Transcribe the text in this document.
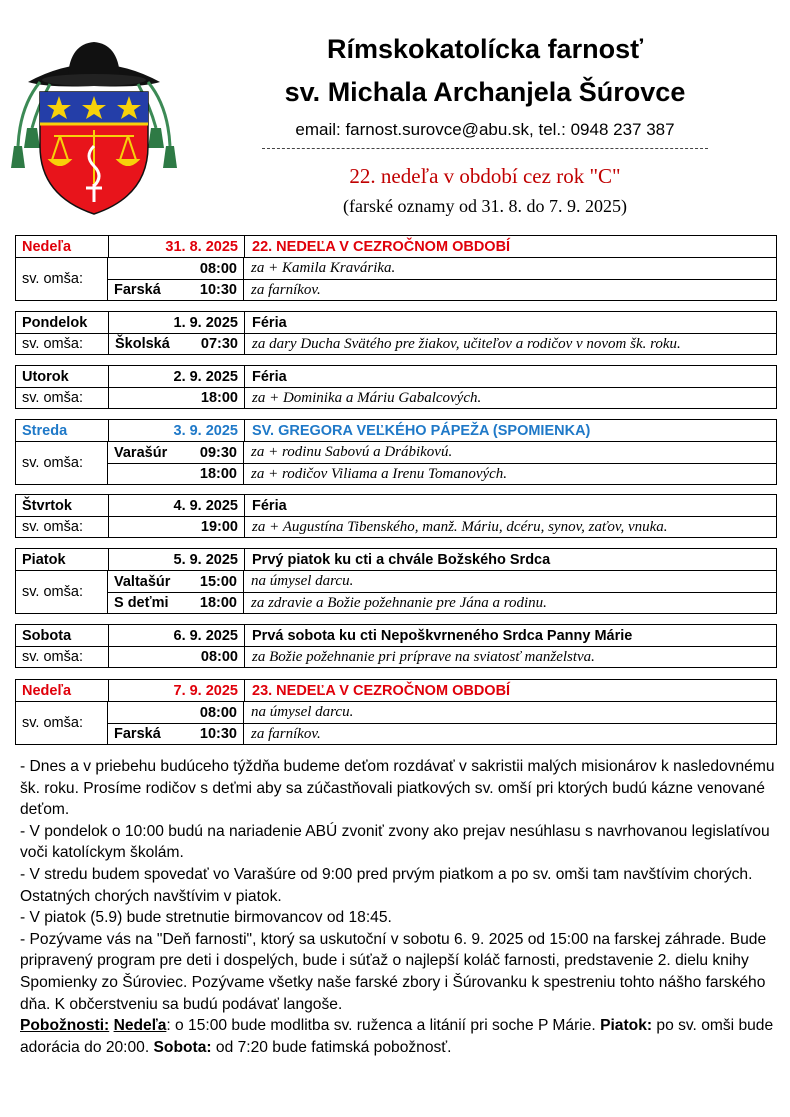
Rímskokatolícka farnosť
sv. Michala Archanjela Šúrovce
email: farnost.surovce@abu.sk, tel.: 0948 237 387
22. nedeľa v období cez rok "C"
(farské oznamy od 31. 8. do 7. 9. 2025)
Nedeľa	31. 8. 2025 22. NEDEĽA V CEZROČNOM OBDOBÍ
sv. omša:
08:00 za + Kamila Kravárika.
Farská	10:30 za farníkov.
Pondelok	1. 9. 2025 Féria
sv. omša:	Školská	07:30 za dary Ducha Svätého pre žiakov, učiteľov a rodičov v novom šk. roku.
Utorok	2. 9. 2025 Féria
sv. omša:	18:00 za + Dominika a Máriu Gabalcových.
Streda	3. 9. 2025 SV. GREGORA VEĽKÉHO PÁPEŽA (SPOMIENKA)
sv. omša:
Varašúr	09:30 za + rodinu Sabovú a Drábikovú.
18:00 za + rodičov Viliama a Irenu Tomanových.
Štvrtok	4. 9. 2025 Féria
sv. omša:	19:00 za + Augustína Tibenského, manž. Máriu, dcéru, synov, zaťov, vnuka.
Piatok	5. 9. 2025 Prvý piatok ku cti a chvále Božského Srdca
sv. omša:
Valtašúr	15:00 na úmysel darcu.
S deťmi	18:00 za zdravie a Božie požehnanie pre Jána a rodinu.
Sobota	6. 9. 2025 Prvá sobota ku cti Nepoškvrneného Srdca Panny Márie
sv. omša:	08:00 za Božie požehnanie pri príprave na sviatosť manželstva.
Nedeľa	7. 9. 2025 23. NEDEĽA V CEZROČNOM OBDOBÍ
sv. omša:
08:00 na úmysel darcu.
Farská	10:30 za farníkov.

- Dnes a v priebehu budúceho týždňa budeme deťom rozdávať v sakristii malých misionárov k nasledovnému šk. roku. Prosíme rodičov s deťmi aby sa zúčastňovali piatkových sv. omší pri ktorých budú kázne venované deťom.

- V pondelok o 10:00 budú na nariadenie ABÚ zvoniť zvony ako prejav nesúhlasu s navrhovanou legislatívou voči katolíckym školám.

- V stredu budem spovedať vo Varašúre od 9:00 pred prvým piatkom a po sv. omši tam navštívim chorých. Ostatných chorých navštívim v piatok.

- V piatok (5.9) bude stretnutie birmovancov od 18:45.

- Pozývame vás na "Deň farnosti", ktorý sa uskutoční v sobotu 6. 9. 2025 od 15:00 na farskej záhrade. Bude pripravený program pre deti i dospelých, bude i súťaž o najlepší koláč farnosti, predstavenie 2. dielu knihy Spomienky zo Šúroviec. Pozývame všetky naše farské zbory i Šúrovanku k spestreniu tohto nášho farského dňa. K občerstveniu sa budú podávať langoše.

Pobožnosti: Nedeľa: o 15:00 bude modlitba sv. ruženca a litánií pri soche P Márie. Piatok: po sv. omši bude adorácia do 20:00. Sobota: od 7:20 bude fatimská pobožnosť.
